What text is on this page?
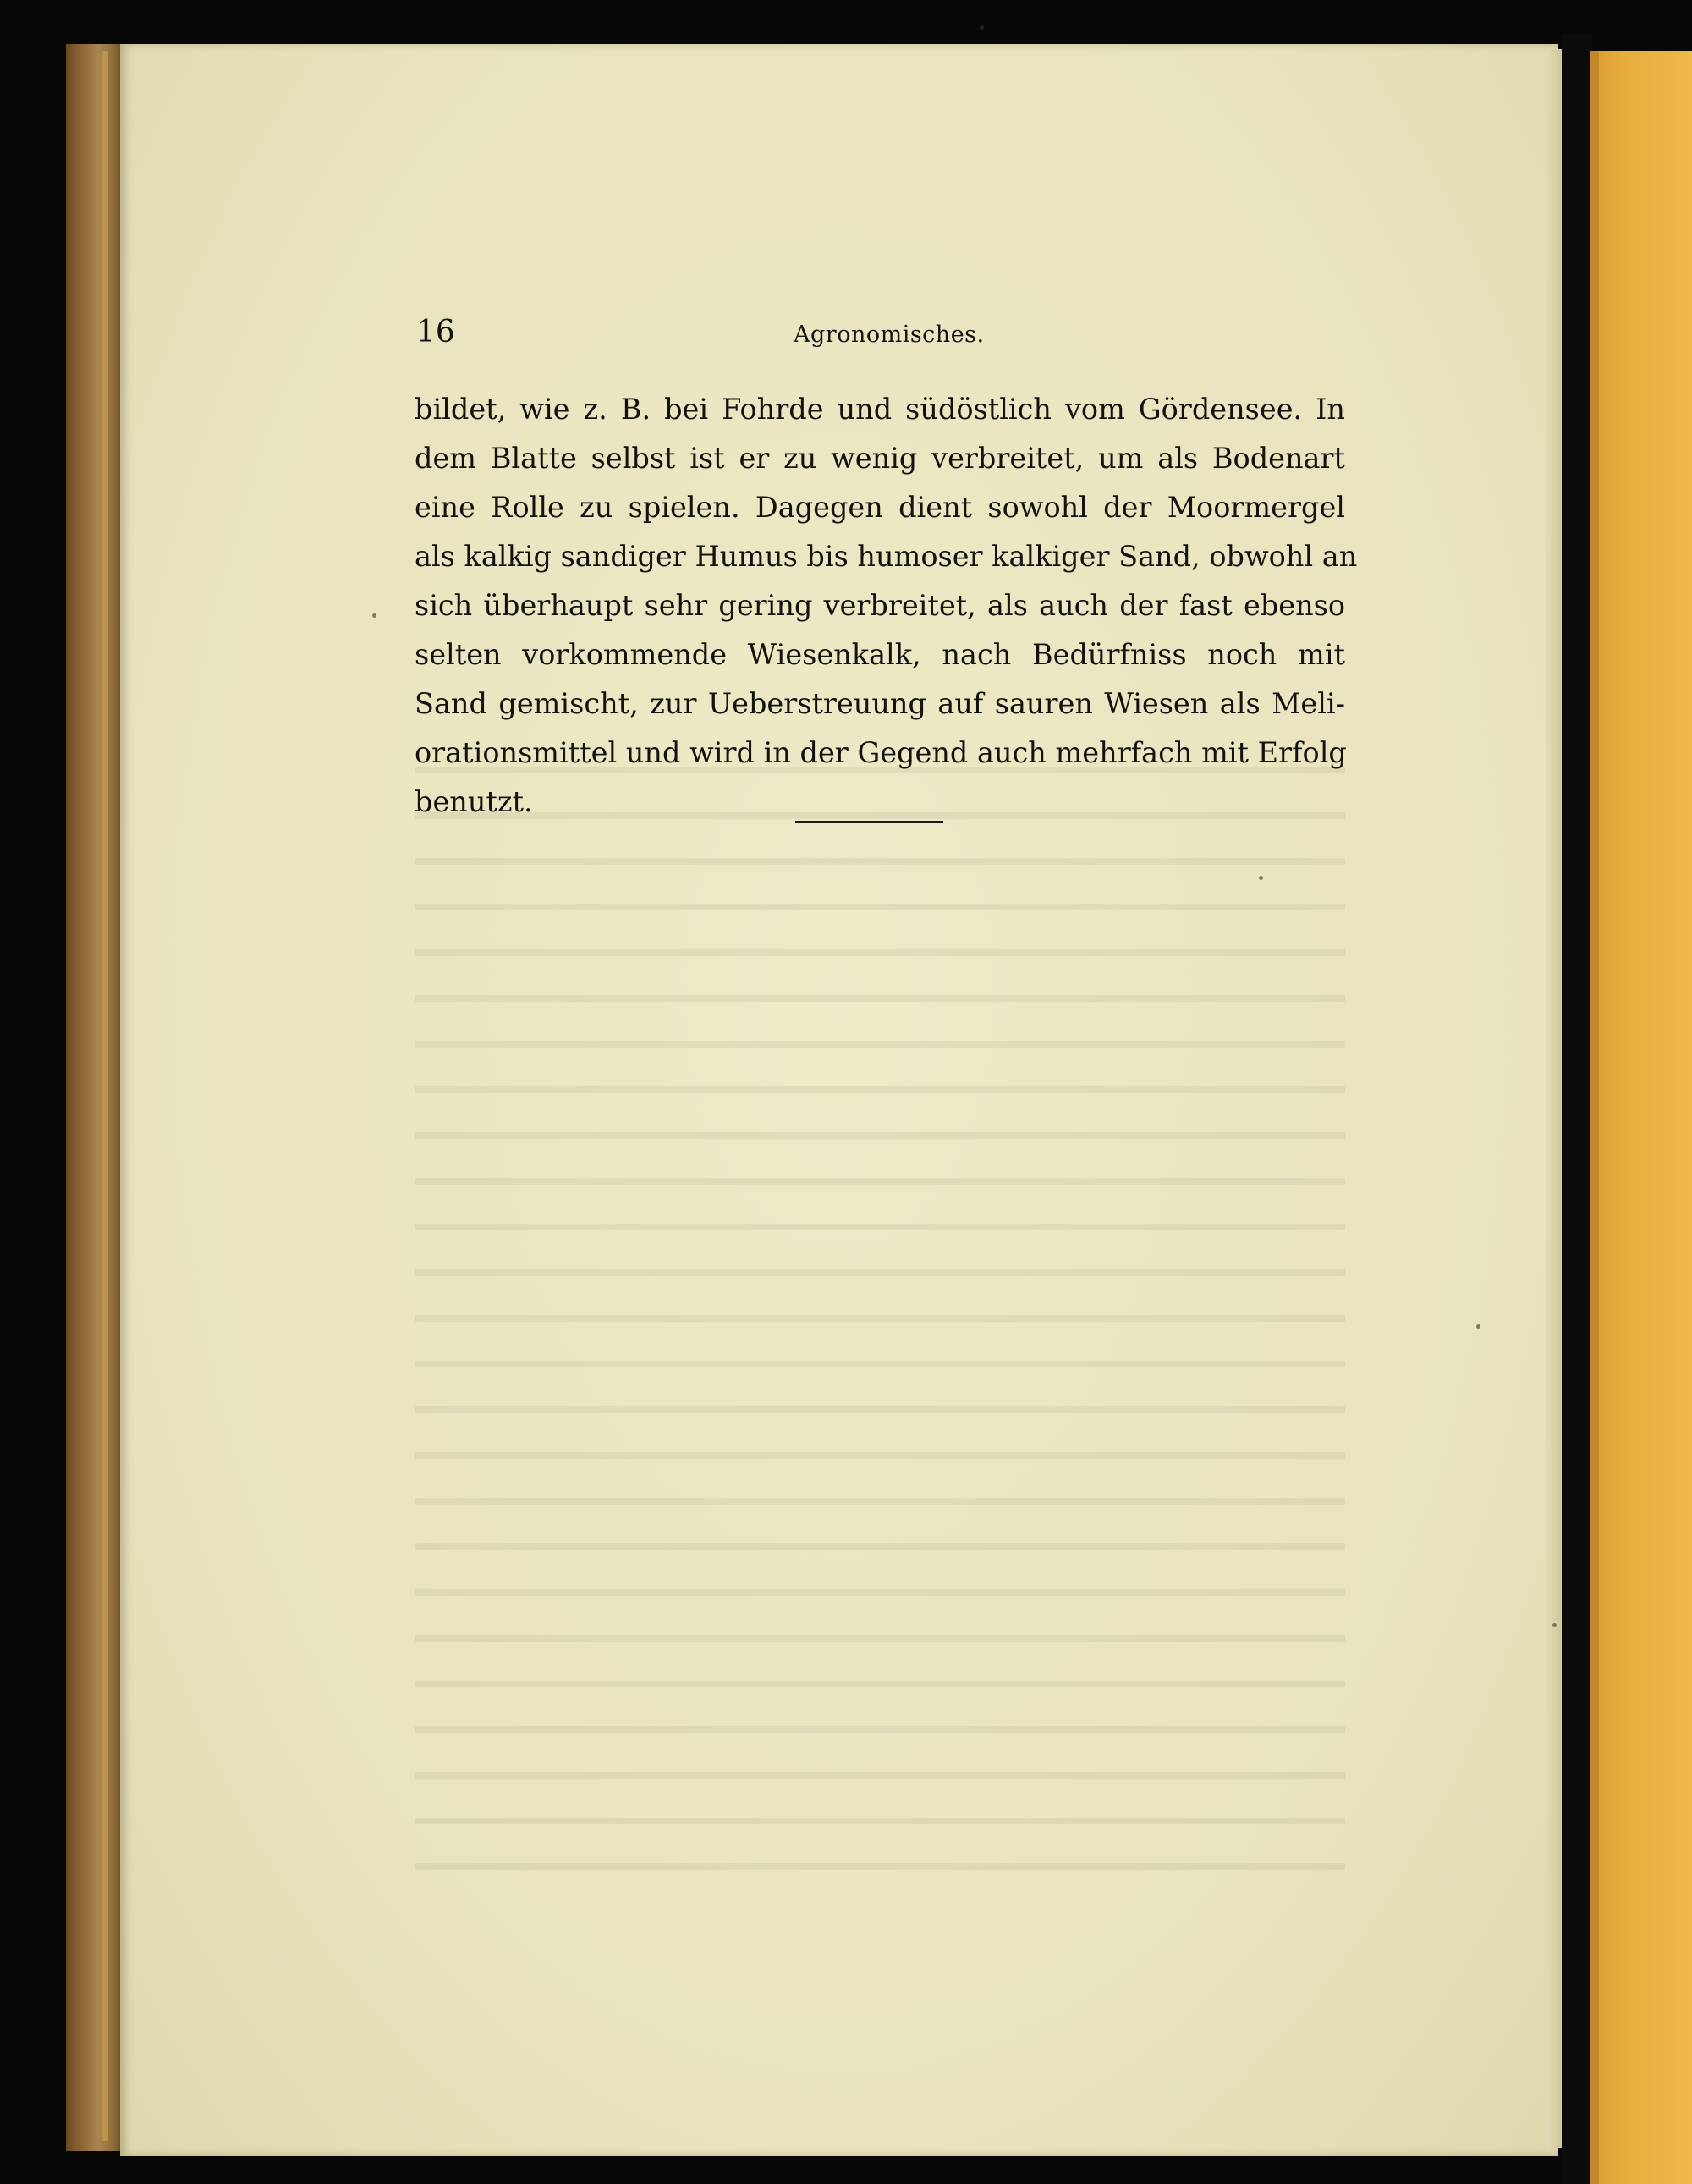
16	Agronomisches.
bildet, wie z. B. bei Fohrde und südöstlich vom Gördensee. In
dem Blatte selbst ist er zu wenig verbreitet, um als Bodenart
eine Rolle zu spielen. Dagegen dient sowohl der Moormergel
als kalkig sandiger Humus bis humoser kalkiger Sand, obwohl an
sich überhaupt sehr gering verbreitet, als auch der fast ebenso
selten vorkommende Wiesenkalk, nach Bedürfniss noch mit
Sand gemischt, zur Ueberstreuung auf sauren Wiesen als Meli-
orationsmittel und wird in der Gegend auch mehrfach mit Erfolg
benutzt.
